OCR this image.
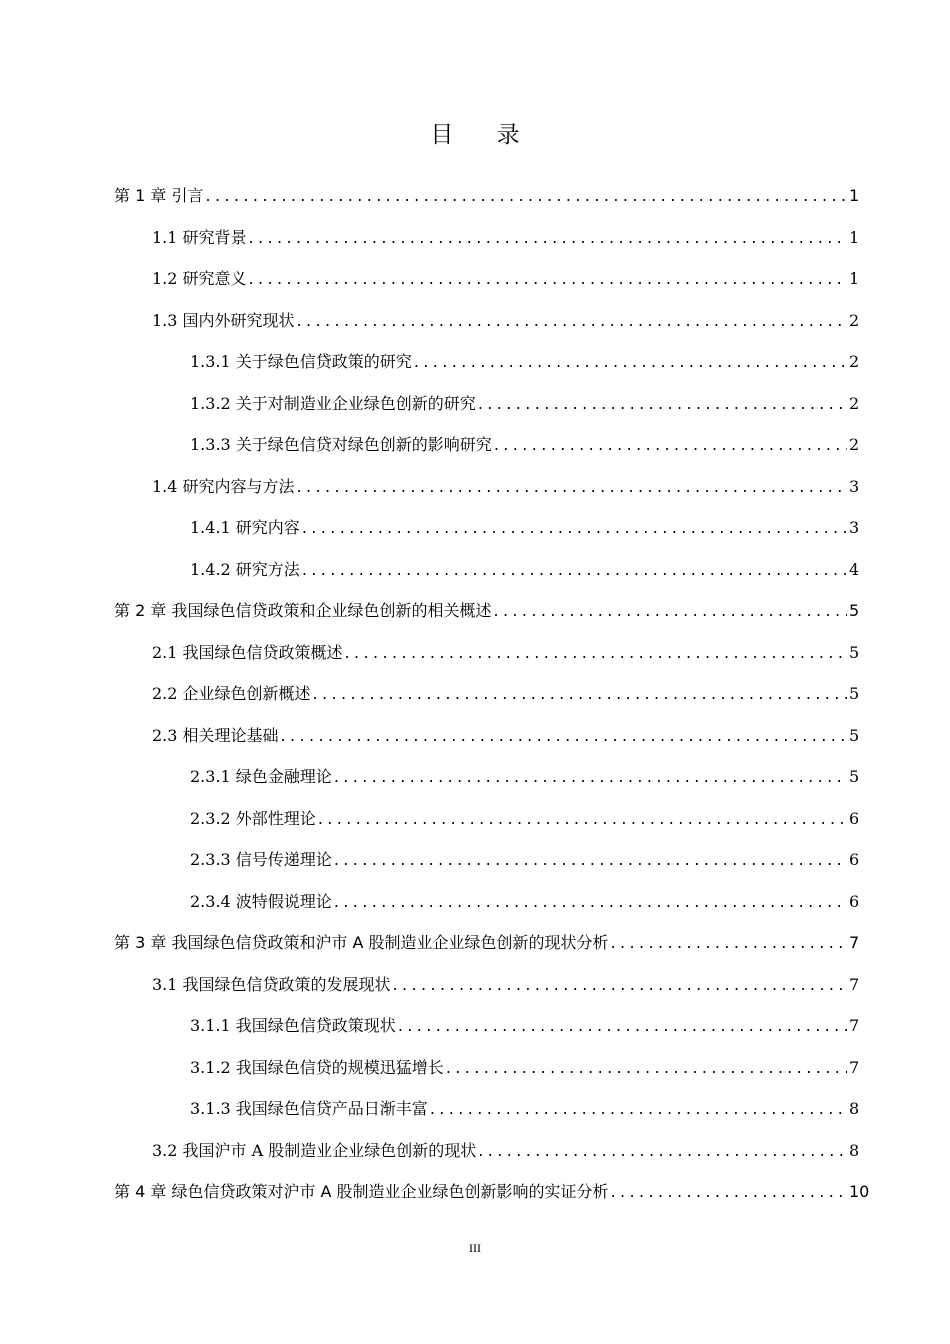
目 录
第 1 章 引言 .....	1
1.1 研究背景 .....	1
1.2 研究意义 .....	1
1.3 国内外研究现状 .....	2
1.3.1 关于绿色信贷政策的研究 .....	2
1.3.2 关于对制造业企业绿色创新的研究 .....	2
1.3.3 关于绿色信贷对绿色创新的影响研究 .....	2
1.4 研究内容与方法 .....	3
1.4.1 研究内容 .....	3
1.4.2 研究方法 .....	4
第 2 章 我国绿色信贷政策和企业绿色创新的相关概述 .....	5
2.1 我国绿色信贷政策概述 .....	5
2.2 企业绿色创新概述 .....	5
2.3 相关理论基础 .....	5
2.3.1 绿色金融理论 .....	5
2.3.2 外部性理论 .....	6
2.3.3 信号传递理论 .....	6
2.3.4 波特假说理论 .....	6
第 3 章 我国绿色信贷政策和沪市 A 股制造业企业绿色创新的现状分析 .....	7
3.1 我国绿色信贷政策的发展现状 .....	7
3.1.1 我国绿色信贷政策现状 .....	7
3.1.2 我国绿色信贷的规模迅猛增长 .....	7
3.1.3 我国绿色信贷产品日渐丰富 .....	8
3.2 我国沪市 A 股制造业企业绿色创新的现状 .....	8
第 4 章 绿色信贷政策对沪市 A 股制造业企业绿色创新影响的实证分析 .....	10
III
